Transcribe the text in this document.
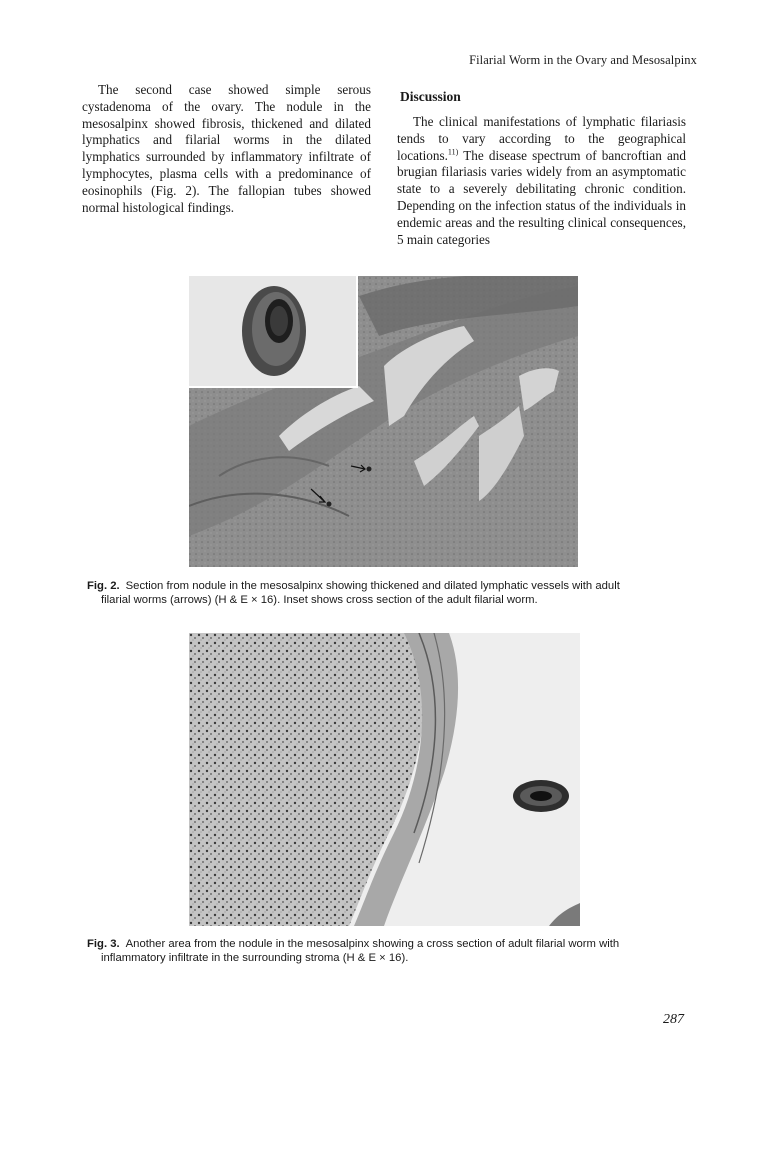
Filarial Worm in the Ovary and Mesosalpinx

The second case showed simple serous cystadenoma of the ovary. The nodule in the mesosalpinx showed fibrosis, thickened and dilated lymphatics and filarial worms in the dilated lymphatics surrounded by inflammatory infiltrate of lymphocytes, plasma cells with a predominance of eosinophils (Fig. 2). The fallopian tubes showed normal histological findings.

Discussion

The clinical manifestations of lymphatic filariasis tends to vary according to the geographical locations.$^{11)}$ The disease spectrum of bancroftian and brugian filariasis varies widely from an asymptomatic state to a severely debilitating chronic condition. Depending on the infection status of the individuals in endemic areas and the resulting clinical consequences, 5 main categories

Fig. 2. Section from nodule in the mesosalpinx showing thickened and dilated lymphatic vessels with adult
filarial worms (arrows) (H & E × 16). Inset shows cross section of the adult filarial worm.
Fig. 3. Another area from the nodule in the mesosalpinx showing a cross section of adult filarial worm with
inflammatory infiltrate in the surrounding stroma (H & E × 16).
287
